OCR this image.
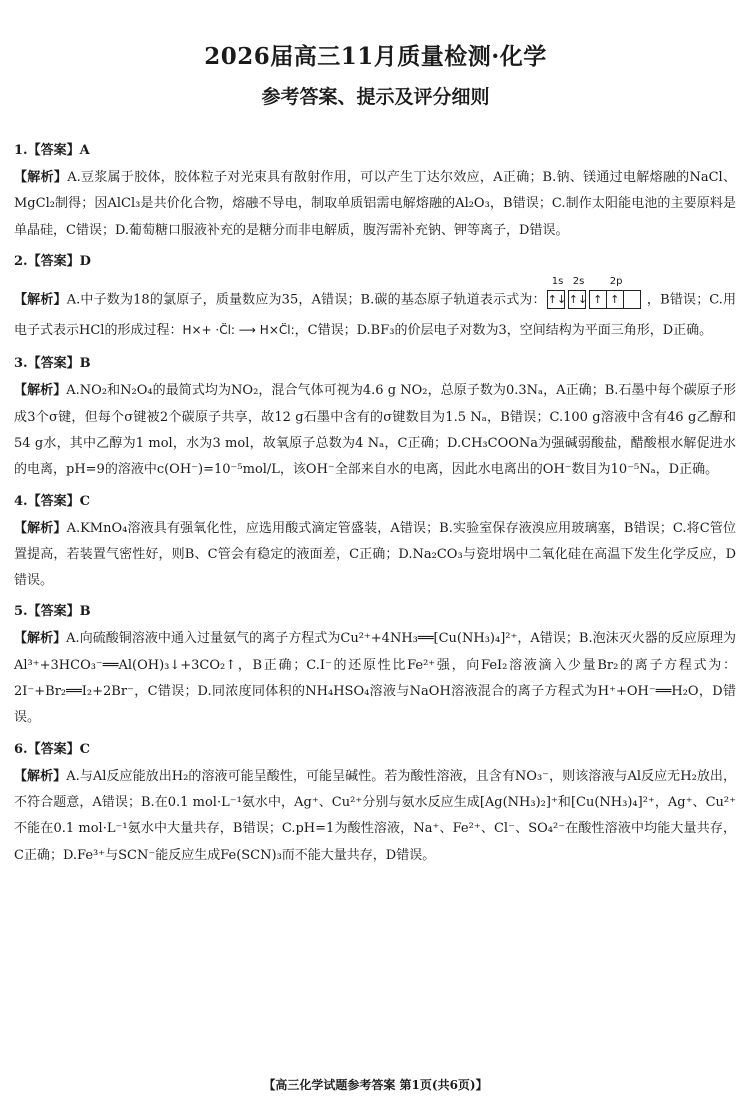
2026届高三11月质量检测·化学
参考答案、提示及评分细则

1.【答案】A

【解析】A.豆浆属于胶体，胶体粒子对光束具有散射作用，可以产生丁达尔效应，A正确；B.钠、镁通过电解熔融的NaCl、MgCl₂制得；因AlCl₃是共价化合物，熔融不导电，制取单质铝需电解熔融的Al₂O₃，B错误；C.制作太阳能电池的主要原料是单晶硅，C错误；D.葡萄糖口服液补充的是糖分而非电解质，腹泻需补充钠、钾等离子，D错误。

2.【答案】D

【解析】A.中子数为18的氯原子，质量数应为35，A错误；B.碳的基态原子轨道表示式为：
1s
↑↓
2s
↑↓
2p
↑ ↑ ，B错误；C.用电子式表示HCl的形成过程：H×+ ·C̈l: ⟶ H×C̈l:，C错误；D.BF₃的价层电子对数为3，空间结构为平面三角形，D正确。

3.【答案】B

【解析】A.NO₂和N₂O₄的最简式均为NO₂，混合气体可视为4.6 g NO₂，总原子数为0.3Nₐ，A正确；B.石墨中每个碳原子形成3个σ键，但每个σ键被2个碳原子共享，故12 g石墨中含有的σ键数目为1.5 Nₐ，B错误；C.100 g溶液中含有46 g乙醇和54 g水，其中乙醇为1 mol，水为3 mol，故氧原子总数为4 Nₐ，C正确；D.CH₃COONa为强碱弱酸盐，醋酸根水解促进水的电离，pH=9的溶液中c(OH⁻)=10⁻⁵mol/L，该OH⁻全部来自水的电离，因此水电离出的OH⁻数目为10⁻⁵Nₐ，D正确。

4.【答案】C

【解析】A.KMnO₄溶液具有强氧化性，应选用酸式滴定管盛装，A错误；B.实验室保存液溴应用玻璃塞，B错误；C.将C管位置提高，若装置气密性好，则B、C管会有稳定的液面差，C正确；D.Na₂CO₃与瓷坩埚中二氧化硅在高温下发生化学反应，D错误。

5.【答案】B

【解析】A.向硫酸铜溶液中通入过量氨气的离子方程式为Cu²⁺+4NH₃══[Cu(NH₃)₄]²⁺，A错误；B.泡沫灭火器的反应原理为Al³⁺+3HCO₃⁻══Al(OH)₃↓+3CO₂↑，B正确；C.I⁻的还原性比Fe²⁺强，向FeI₂溶液滴入少量Br₂的离子方程式为：2I⁻+Br₂══I₂+2Br⁻，C错误；D.同浓度同体积的NH₄HSO₄溶液与NaOH溶液混合的离子方程式为H⁺+OH⁻══H₂O，D错误。

6.【答案】C

【解析】A.与Al反应能放出H₂的溶液可能呈酸性，可能呈碱性。若为酸性溶液，且含有NO₃⁻，则该溶液与Al反应无H₂放出，不符合题意，A错误；B.在0.1 mol·L⁻¹氨水中，Ag⁺、Cu²⁺分别与氨水反应生成[Ag(NH₃)₂]⁺和[Cu(NH₃)₄]²⁺，Ag⁺、Cu²⁺不能在0.1 mol·L⁻¹氨水中大量共存，B错误；C.pH=1为酸性溶液，Na⁺、Fe²⁺、Cl⁻、SO₄²⁻在酸性溶液中均能大量共存，C正确；D.Fe³⁺与SCN⁻能反应生成Fe(SCN)₃而不能大量共存，D错误。

【高三化学试题参考答案 第1页(共6页)】
